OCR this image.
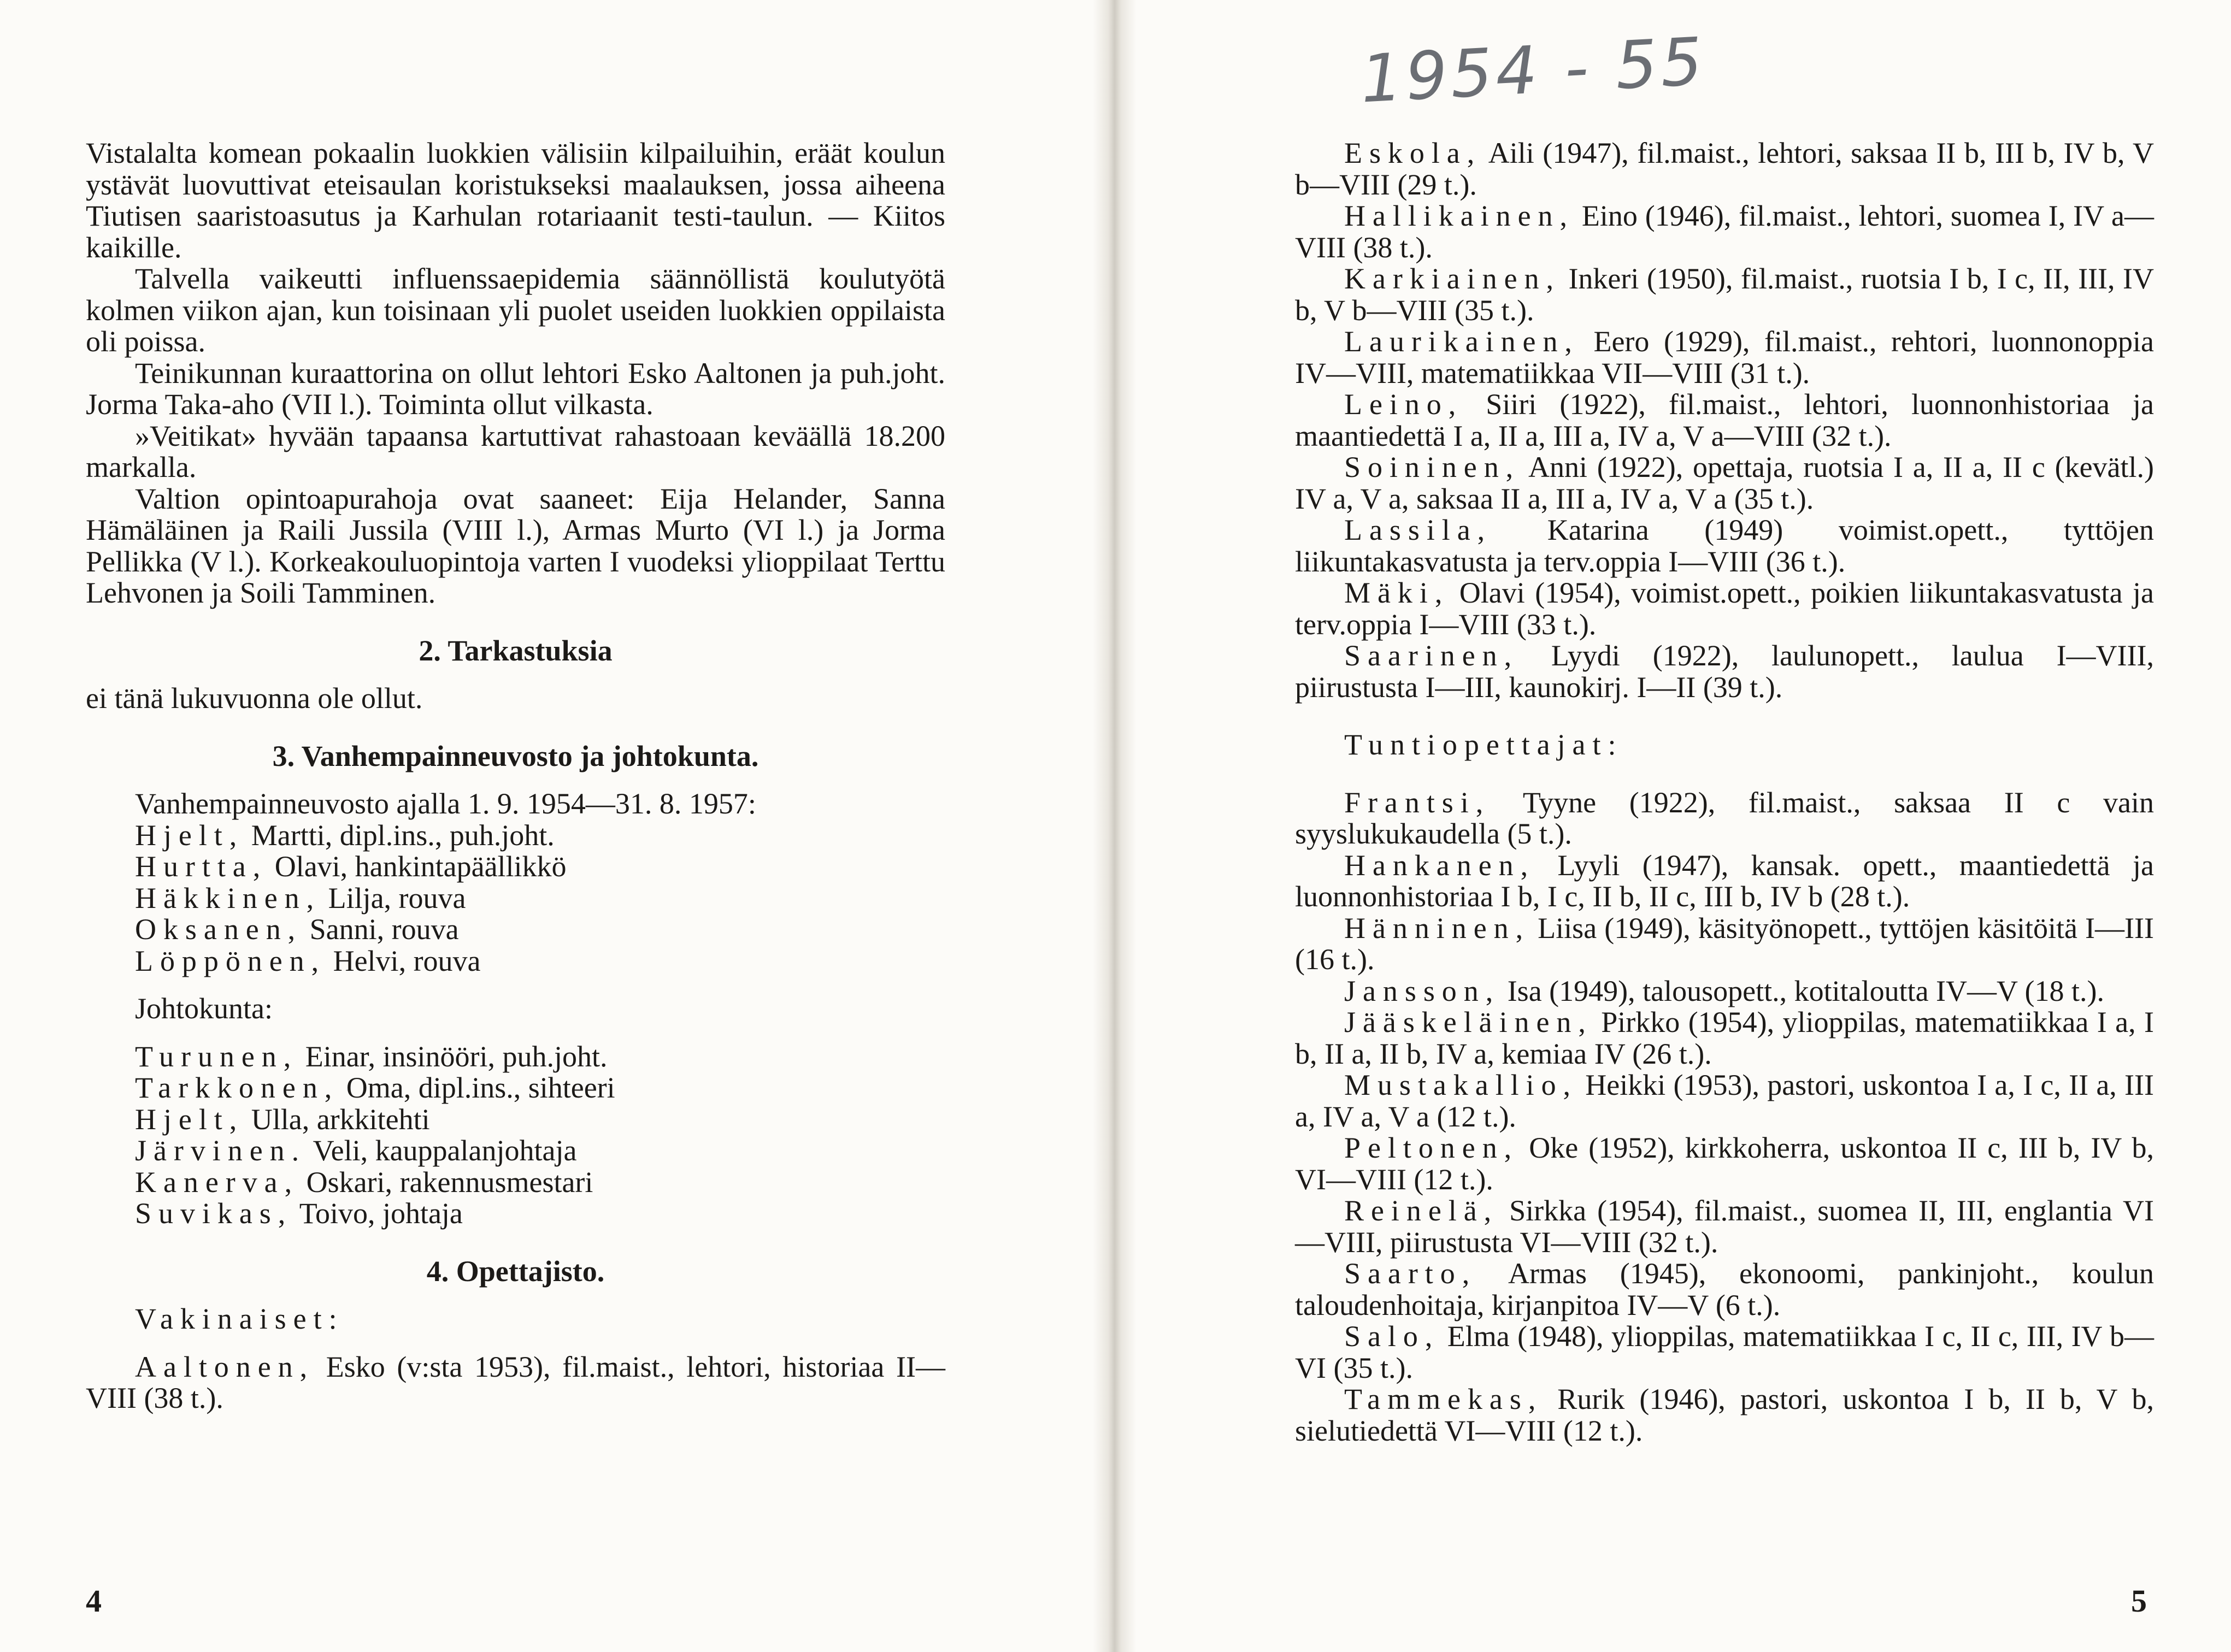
Vistalalta komean pokaalin luokkien välisiin kilpailuihin, eräät koulun ystävät luovuttivat eteisaulan koristukseksi maalauksen, jossa aiheena Tiutisen saaristoasutus ja Karhulan rotariaanit testi-taulun. — Kiitos kaikille.

Talvella vaikeutti influenssaepidemia säännöllistä koulutyötä kolmen viikon ajan, kun toisinaan yli puolet useiden luokkien oppilaista oli poissa.

Teinikunnan kuraattorina on ollut lehtori Esko Aaltonen ja puh.joht. Jorma Taka-aho (VII l.). Toiminta ollut vilkasta.

»Veitikat» hyvään tapaansa kartuttivat rahastoaan keväällä 18.200 markalla.

Valtion opintoapurahoja ovat saaneet: Eija Helander, Sanna Hämäläinen ja Raili Jussila (VIII l.), Armas Murto (VI l.) ja Jorma Pellikka (V l.). Korkeakouluopintoja varten I vuodeksi ylioppilaat Terttu Lehvonen ja Soili Tamminen.

2. Tarkastuksia

ei tänä lukuvuonna ole ollut.

3. Vanhempainneuvosto ja johtokunta.

Vanhempainneuvosto ajalla 1. 9. 1954—31. 8. 1957:

Hjelt, Martti, dipl.ins., puh.joht.

Hurtta, Olavi, hankintapäällikkö

Häkkinen, Lilja, rouva

Oksanen, Sanni, rouva

Löppönen, Helvi, rouva

Johtokunta:

Turunen, Einar, insinööri, puh.joht.

Tarkkonen, Oma, dipl.ins., sihteeri

Hjelt, Ulla, arkkitehti

Järvinen. Veli, kauppalanjohtaja

Kanerva, Oskari, rakennusmestari

Suvikas, Toivo, johtaja

4. Opettajisto.

Vakinaiset:

Aaltonen, Esko (v:sta 1953), fil.maist., lehtori, historiaa II—VIII (38 t.).

4

Eskola, Aili (1947), fil.maist., lehtori, saksaa II b, III b, IV b, V b—VIII (29 t.).

Hallikainen, Eino (1946), fil.maist., lehtori, suomea I, IV a—VIII (38 t.).

Karkiainen, Inkeri (1950), fil.maist., ruotsia I b, I c, II, III, IV b, V b—VIII (35 t.).

Laurikainen, Eero (1929), fil.maist., rehtori, luonnonoppia IV—VIII, matematiikkaa VII—VIII (31 t.).

Leino, Siiri (1922), fil.maist., lehtori, luonnonhistoriaa ja maantiedettä I a, II a, III a, IV a, V a—VIII (32 t.).

Soininen, Anni (1922), opettaja, ruotsia I a, II a, II c (kevätl.) IV a, V a, saksaa II a, III a, IV a, V a (35 t.).

Lassila, Katarina (1949) voimist.opett., tyttöjen liikuntakasvatusta ja terv.oppia I—VIII (36 t.).

Mäki, Olavi (1954), voimist.opett., poikien liikuntakasvatusta ja terv.oppia I—VIII (33 t.).

Saarinen, Lyydi (1922), laulunopett., laulua I—VIII, piirustusta I—III, kaunokirj. I—II (39 t.).

Tuntiopettajat:

Frantsi, Tyyne (1922), fil.maist., saksaa II c vain syyslukukaudella (5 t.).

Hankanen, Lyyli (1947), kansak. opett., maantiedettä ja luonnonhistoriaa I b, I c, II b, II c, III b, IV b (28 t.).

Hänninen, Liisa (1949), käsityönopett., tyttöjen käsitöitä I—III (16 t.).

Jansson, Isa (1949), talousopett., kotitaloutta IV—V (18 t.).

Jääskeläinen, Pirkko (1954), ylioppilas, matematiikkaa I a, I b, II a, II b, IV a, kemiaa IV (26 t.).

Mustakallio, Heikki (1953), pastori, uskontoa I a, I c, II a, III a, IV a, V a (12 t.).

Peltonen, Oke (1952), kirkkoherra, uskontoa II c, III b, IV b, VI—VIII (12 t.).

Reinelä, Sirkka (1954), fil.maist., suomea II, III, englantia VI—VIII, piirustusta VI—VIII (32 t.).

Saarto, Armas (1945), ekonoomi, pankinjoht., koulun taloudenhoitaja, kirjanpitoa IV—V (6 t.).

Salo, Elma (1948), ylioppilas, matematiikkaa I c, II c, III, IV b—VI (35 t.).

Tammekas, Rurik (1946), pastori, uskontoa I b, II b, V b, sielutiedettä VI—VIII (12 t.).

5
1954 - 55
